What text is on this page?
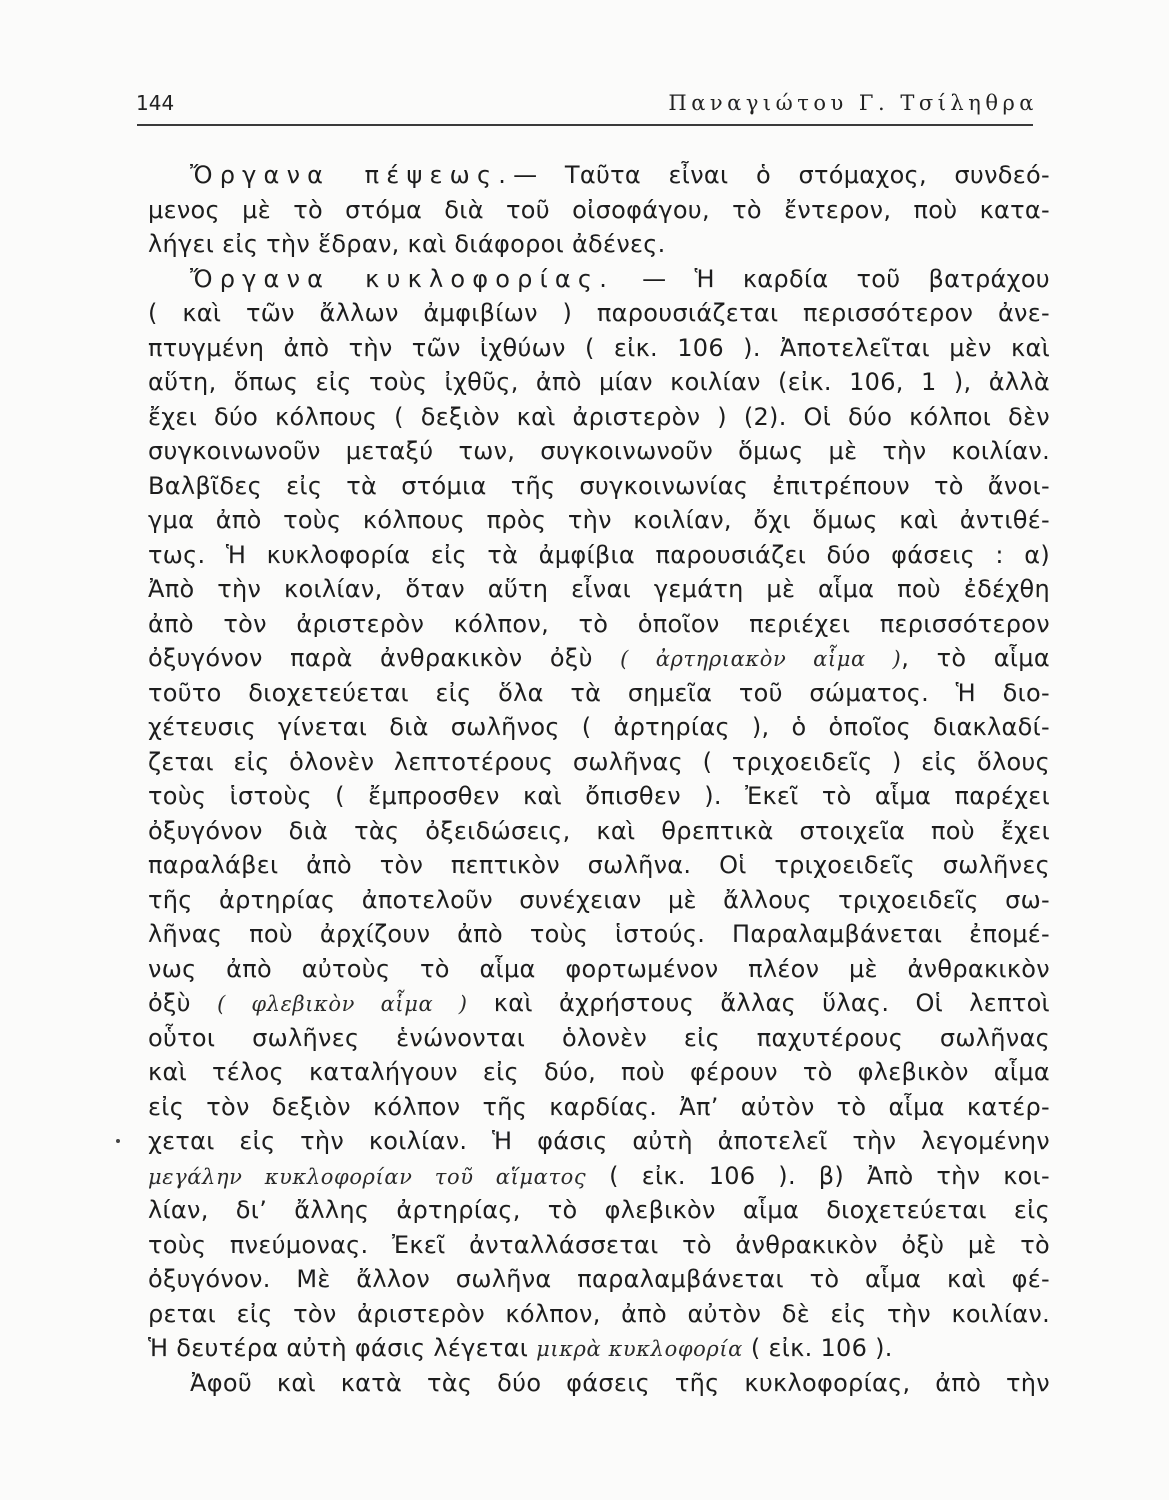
144	Παναγιώτου Γ. Τσίληθρα
Ὄργανα πέψεως.— Ταῦτα εἶναι ὁ στόμαχος, συνδεό-
μενος μὲ τὸ στόμα διὰ τοῦ οἰσοφάγου, τὸ ἔντερον, ποὺ κατα-
λήγει εἰς τὴν ἕδραν, καὶ διάφοροι ἀδένες.
Ὄργανα κυκλοφορίας. — Ἡ καρδία τοῦ βατράχου
( καὶ τῶν ἄλλων ἀμφιβίων ) παρουσιάζεται περισσότερον ἀνε-
πτυγμένη ἀπὸ τὴν τῶν ἰχθύων ( εἰκ. 106 ). Ἀποτελεῖται μὲν καὶ
αὕτη, ὅπως εἰς τοὺς ἰχθῦς, ἀπὸ μίαν κοιλίαν (εἰκ. 106, 1 ), ἀλλὰ
ἔχει δύο κόλπους ( δεξιὸν καὶ ἀριστερὸν ) (2). Οἱ δύο κόλποι δὲν
συγκοινωνοῦν μεταξύ των, συγκοινωνοῦν ὅμως μὲ τὴν κοιλίαν.
Βαλβῖδες εἰς τὰ στόμια τῆς συγκοινωνίας ἐπιτρέπουν τὸ ἄνοι-
γμα ἀπὸ τοὺς κόλπους πρὸς τὴν κοιλίαν, ὄχι ὅμως καὶ ἀντιθέ-
τως. Ἡ κυκλοφορία εἰς τὰ ἀμφίβια παρουσιάζει δύο φάσεις : α)
Ἀπὸ τὴν κοιλίαν, ὅταν αὕτη εἶναι γεμάτη μὲ αἷμα ποὺ ἐδέχθη
ἀπὸ τὸν ἀριστερὸν κόλπον, τὸ ὁποῖον περιέχει περισσότερον
ὀξυγόνον παρὰ ἀνθρακικὸν ὀξὺ ( ἀρτηριακὸν αἷμα ), τὸ αἷμα
τοῦτο διοχετεύεται εἰς ὅλα τὰ σημεῖα τοῦ σώματος. Ἡ διο-
χέτευσις γίνεται διὰ σωλῆνος ( ἀρτηρίας ), ὁ ὁποῖος διακλαδί-
ζεται εἰς ὁλονὲν λεπτοτέρους σωλῆνας ( τριχοειδεῖς ) εἰς ὅλους
τοὺς ἱστοὺς ( ἔμπροσθεν καὶ ὄπισθεν ). Ἐκεῖ τὸ αἷμα παρέχει
ὀξυγόνον διὰ τὰς ὀξειδώσεις, καὶ θρεπτικὰ στοιχεῖα ποὺ ἔχει
παραλάβει ἀπὸ τὸν πεπτικὸν σωλῆνα. Οἱ τριχοειδεῖς σωλῆνες
τῆς ἀρτηρίας ἀποτελοῦν συνέχειαν μὲ ἄλλους τριχοειδεῖς σω-
λῆνας ποὺ ἀρχίζουν ἀπὸ τοὺς ἱστούς. Παραλαμβάνεται ἐπομέ-
νως ἀπὸ αὐτοὺς τὸ αἷμα φορτωμένον πλέον μὲ ἀνθρακικὸν
ὀξὺ ( φλεβικὸν αἷμα ) καὶ ἀχρήστους ἄλλας ὕλας. Οἱ λεπτοὶ
οὗτοι σωλῆνες ἑνώνονται ὁλονὲν εἰς παχυτέρους σωλῆνας
καὶ τέλος καταλήγουν εἰς δύο, ποὺ φέρουν τὸ φλεβικὸν αἷμα
εἰς τὸν δεξιὸν κόλπον τῆς καρδίας. Ἀπ’ αὐτὸν τὸ αἷμα κατέρ-
χεται εἰς τὴν κοιλίαν. Ἡ φάσις αὐτὴ ἀποτελεῖ τὴν λεγομένην
μεγάλην κυκλοφορίαν τοῦ αἵματος ( εἰκ. 106 ). β) Ἀπὸ τὴν κοι-
λίαν, δι’ ἄλλης ἀρτηρίας, τὸ φλεβικὸν αἷμα διοχετεύεται εἰς
τοὺς πνεύμονας. Ἐκεῖ ἀνταλλάσσεται τὸ ἀνθρακικὸν ὀξὺ μὲ τὸ
ὀξυγόνον. Μὲ ἄλλον σωλῆνα παραλαμβάνεται τὸ αἷμα καὶ φέ-
ρεται εἰς τὸν ἀριστερὸν κόλπον, ἀπὸ αὐτὸν δὲ εἰς τὴν κοιλίαν.
Ἡ δευτέρα αὐτὴ φάσις λέγεται μικρὰ κυκλοφορία ( εἰκ. 106 ).
Ἀφοῦ καὶ κατὰ τὰς δύο φάσεις τῆς κυκλοφορίας, ἀπὸ τὴν
